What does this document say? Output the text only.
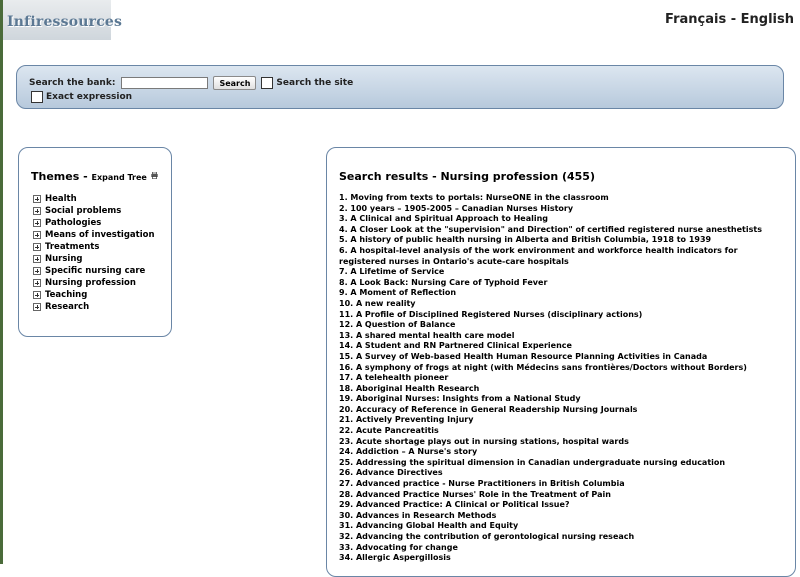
Infiressources	Français - English
Search the bank:	Search	Search the site
Exact expression
Themes - Expand Tree
Health
Social problems
Pathologies
Means of investigation
Treatments
Nursing
Specific nursing care
Nursing profession
Teaching
Research
Search results - Nursing profession (455)
1. Moving from texts to portals: NurseONE in the classroom
2. 100 years – 1905-2005 – Canadian Nurses History
3. A Clinical and Spiritual Approach to Healing
4. A Closer Look at the "supervision" and Direction" of certified registered nurse anesthetists
5. A history of public health nursing in Alberta and British Columbia, 1918 to 1939
6. A hospital-level analysis of the work environment and workforce health indicators for registered nurses in Ontario's acute-care hospitals
7. A Lifetime of Service
8. A Look Back: Nursing Care of Typhoid Fever
9. A Moment of Reflection
10. A new reality
11. A Profile of Disciplined Registered Nurses (disciplinary actions)
12. A Question of Balance
13. A shared mental health care model
14. A Student and RN Partnered Clinical Experience
15. A Survey of Web-based Health Human Resource Planning Activities in Canada
16. A symphony of frogs at night (with Médecins sans frontières/Doctors without Borders)
17. A telehealth pioneer
18. Aboriginal Health Research
19. Aboriginal Nurses: Insights from a National Study
20. Accuracy of Reference in General Readership Nursing Journals
21. Actively Preventing Injury
22. Acute Pancreatitis
23. Acute shortage plays out in nursing stations, hospital wards
24. Addiction – A Nurse's story
25. Addressing the spiritual dimension in Canadian undergraduate nursing education
26. Advance Directives
27. Advanced practice - Nurse Practitioners in British Columbia
28. Advanced Practice Nurses' Role in the Treatment of Pain
29. Advanced Practice: A Clinical or Political Issue?
30. Advances in Research Methods
31. Advancing Global Health and Equity
32. Advancing the contribution of gerontological nursing reseach
33. Advocating for change
34. Allergic Aspergillosis
